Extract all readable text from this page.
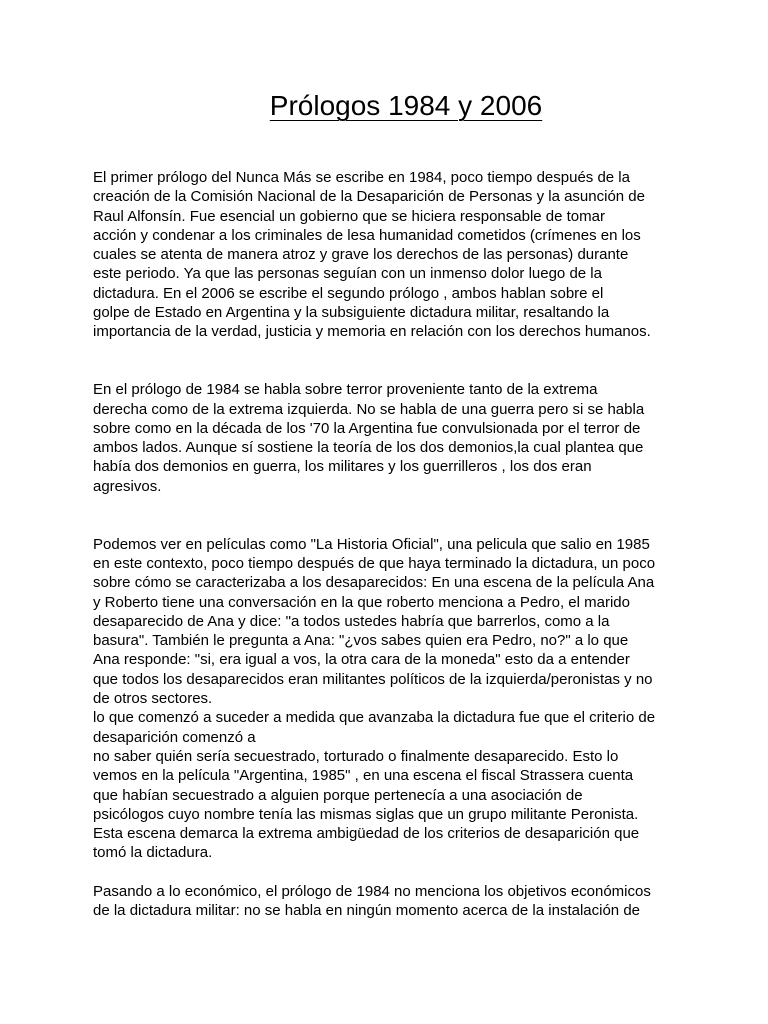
Prólogos 1984 y 2006
El primer prólogo del Nunca Más se escribe en 1984, poco tiempo después de la
creación de la Comisión Nacional de la Desaparición de Personas y la asunción de
Raul Alfonsín. Fue esencial un gobierno que se hiciera responsable de tomar
acción y condenar a los criminales de lesa humanidad cometidos (crímenes en los
cuales se atenta de manera atroz y grave los derechos de las personas) durante
este periodo. Ya que las personas seguían con un inmenso dolor luego de la
dictadura. En el 2006 se escribe el segundo prólogo , ambos hablan sobre el
golpe de Estado en Argentina y la subsiguiente dictadura militar, resaltando la
importancia de la verdad, justicia y memoria en relación con los derechos humanos.
En el prólogo de 1984 se habla sobre terror proveniente tanto de la extrema
derecha como de la extrema izquierda. No se habla de una guerra pero si se habla
sobre como en la década de los '70 la Argentina fue convulsionada por el terror de
ambos lados. Aunque sí sostiene la teoría de los dos demonios,la cual plantea que
había dos demonios en guerra, los militares y los guerrilleros , los dos eran
agresivos.
Podemos ver en películas como "La Historia Oficial", una pelicula que salio en 1985
en este contexto, poco tiempo después de que haya terminado la dictadura, un poco
sobre cómo se caracterizaba a los desaparecidos: En una escena de la película Ana
y Roberto tiene una conversación en la que roberto menciona a Pedro, el marido
desaparecido de Ana y dice: "a todos ustedes habría que barrerlos, como a la
basura". También le pregunta a Ana: "¿vos sabes quien era Pedro, no?" a lo que
Ana responde: "si, era igual a vos, la otra cara de la moneda" esto da a entender
que todos los desaparecidos eran militantes políticos de la izquierda/peronistas y no
de otros sectores.
lo que comenzó a suceder a medida que avanzaba la dictadura fue que el criterio de
desaparición comenzó a
no saber quién sería secuestrado, torturado o finalmente desaparecido. Esto lo
vemos en la película "Argentina, 1985" , en una escena el fiscal Strassera cuenta
que habían secuestrado a alguien porque pertenecía a una asociación de
psicólogos cuyo nombre tenía las mismas siglas que un grupo militante Peronista.
Esta escena demarca la extrema ambigüedad de los criterios de desaparición que
tomó la dictadura.
Pasando a lo económico, el prólogo de 1984 no menciona los objetivos económicos
de la dictadura militar: no se habla en ningún momento acerca de la instalación de
